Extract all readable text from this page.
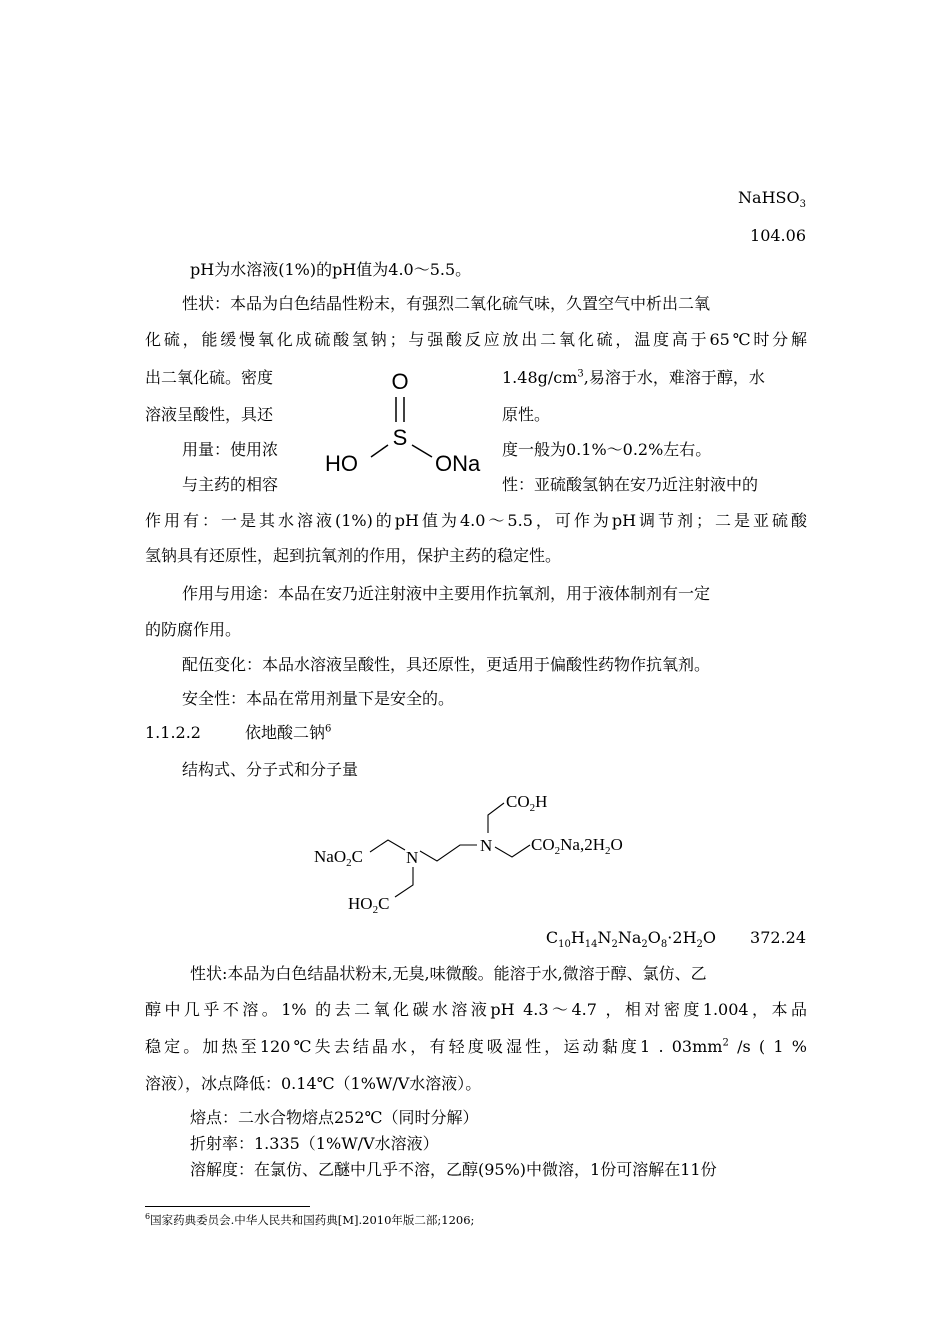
NaHSO$_3$
104.06
pH为水溶液(1%)的pH值为4.0～5.5。
性状：本品为白色结晶性粉末，有强烈二氧化硫气味，久置空气中析出二氧
化硫，能缓慢氧化成硫酸氢钠；与强酸反应放出二氧化硫，温度高于65℃时分解
出二氧化硫。密度	$1.48g/cm^3$,易溶于水，难溶于醇，水
溶液呈酸性，具还	原性。
用量：使用浓	度一般为0.1%～0.2%左右。
与主药的相容	性：亚硫酸氢钠在安乃近注射液中的
作用有：一是其水溶液(1%)的pH值为4.0～5.5，可作为pH调节剂；二是亚硫酸
氢钠具有还原性，起到抗氧剂的作用，保护主药的稳定性。
作用与用途：本品在安乃近注射液中主要用作抗氧剂，用于液体制剂有一定
的防腐作用。
配伍变化：本品水溶液呈酸性，具还原性，更适用于偏酸性药物作抗氧剂。
安全性：本品在常用剂量下是安全的。
O
S
HO	ONa
1.1.2.2	依地酸二钠$^6$
结构式、分子式和分子量
$CO_2H$
NaO$_2$C	N
N $CO_2Na,2H_2O$
$HO_2C$
$C_{10}H_{14}N_2Na_2O_8\cdot 2H_2O$ 372.24
性状:本品为白色结晶状粉末,无臭,味微酸。能溶于水,微溶于醇、氯仿、乙
醇中几乎不溶。1% 的去二氧化碳水溶液pH 4.3～4.7 ，相对密度1.004，本品
稳定。加热至120℃失去结晶水，有轻度吸湿性，运动黏度1 . $03mm^2$ /s ( 1 %
溶液），冰点降低：0.14℃（1%W/V水溶液）。
熔点：二水合物熔点252℃（同时分解）
折射率：1.335（1%W/V水溶液）
溶解度：在氯仿、乙醚中几乎不溶，乙醇(95%)中微溶，1份可溶解在11份
$^6$国家药典委员会.中华人民共和国药典[M].2010年版二部;1206;
